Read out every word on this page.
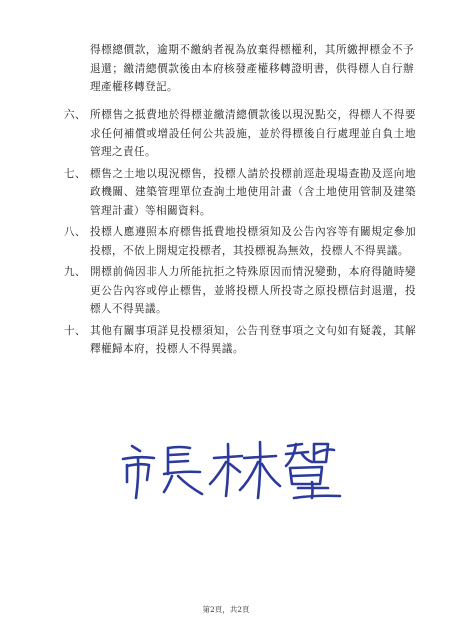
得標總價款，逾期不繳納者視為放棄得標權利，其所繳押標金不予退還；繳清總價款後由本府核發產權移轉證明書，供得標人自行辦理產權移轉登記。

六、 所標售之抵費地於得標並繳清總價款後以現況點交，得標人不得要求任何補償或增設任何公共設施，並於得標後自行處理並自負土地管理之責任。
七、 標售之土地以現況標售，投標人請於投標前逕赴現場查勘及逕向地政機關、建築管理單位查詢土地使用計畫（含土地使用管制及建築管理計畫）等相關資料。
八、 投標人應遵照本府標售抵費地投標須知及公告內容等有關規定參加投標，不依上開規定投標者，其投標視為無效，投標人不得異議。
九、 開標前倘因非人力所能抗拒之特殊原因而情況變動，本府得隨時變更公告內容或停止標售，並將投標人所投寄之原投標信封退還，投標人不得異議。
十、 其他有關事項詳見投標須知，公告刊登事項之文句如有疑義，其解釋權歸本府，投標人不得異議。
第2頁，共2頁
